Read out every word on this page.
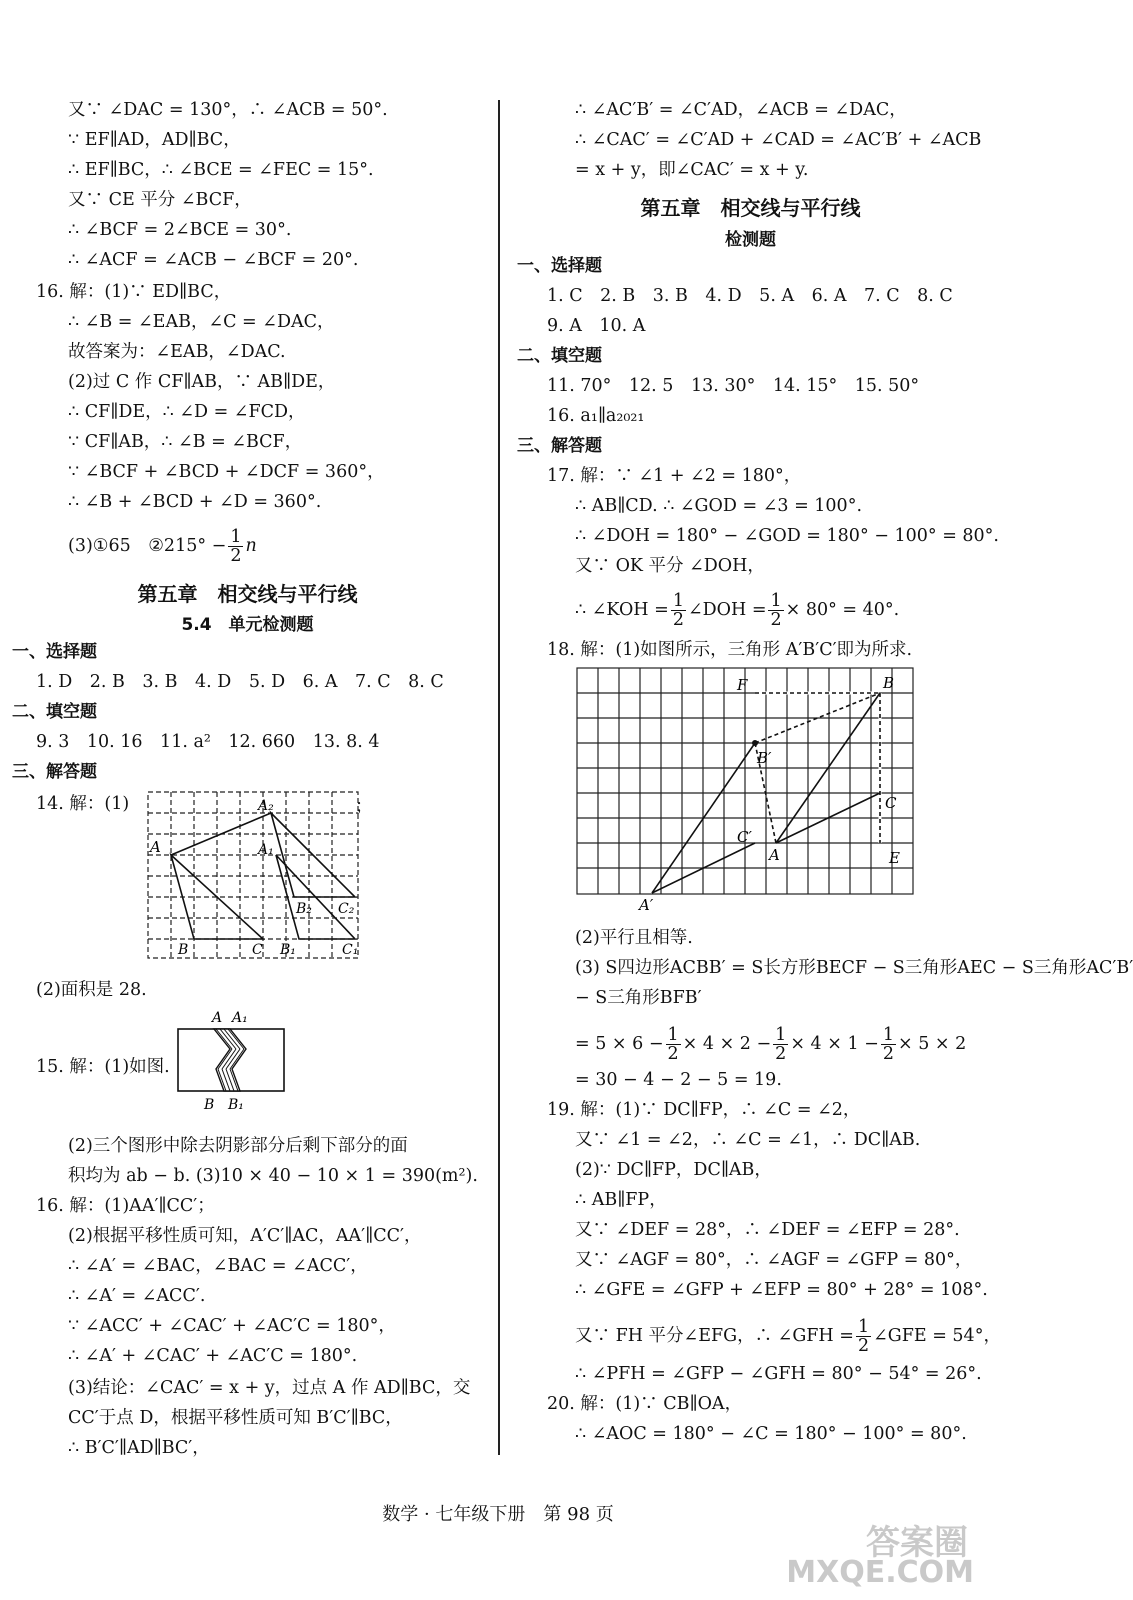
又∵ ∠DAC = 130°，∴ ∠ACB = 50°.
∵ EF∥AD，AD∥BC，
∴ EF∥BC，∴ ∠BCE = ∠FEC = 15°.
又∵ CE 平分 ∠BCF，
∴ ∠BCF = 2∠BCE = 30°.
∴ ∠ACF = ∠ACB − ∠BCF = 20°.
16. 解：(1)∵ ED∥BC，
∴ ∠B = ∠EAB，∠C = ∠DAC，
故答案为：∠EAB，∠DAC.
(2)过 C 作 CF∥AB，∵ AB∥DE，
∴ CF∥DE，∴ ∠D = ∠FCD，
∵ CF∥AB，∴ ∠B = ∠BCF，
∵ ∠BCF + ∠BCD + ∠DCF = 360°，
∴ ∠B + ∠BCD + ∠D = 360°.
(3)①65　②215° − $\frac{1}{2}$ n
第五章　相交线与平行线
5.4　单元检测题
一、选择题
1. D　2. B　3. B　4. D　5. D　6. A　7. C　8. C
二、填空题
9. 3　10. 16　11. a²　12. 660　13. 8. 4
三、解答题
14. 解：(1)	；
A
A₂
A₁
B	C B₁	C₁
B₂ C₂
(2)面积是 28.
A A₁
B B₁
15. 解：(1)如图.
(2)三个图形中除去阴影部分后剩下部分的面
积均为 ab − b. (3)10 × 40 − 10 × 1 = 390(m²).
16. 解：(1)AA′∥CC′；
(2)根据平移性质可知，A′C′∥AC，AA′∥CC′，
∴ ∠A′ = ∠BAC，∠BAC = ∠ACC′，
∴ ∠A′ = ∠ACC′.
∵ ∠ACC′ + ∠CAC′ + ∠AC′C = 180°，
∴ ∠A′ + ∠CAC′ + ∠AC′C = 180°.
(3)结论：∠CAC′ = x + y，过点 A 作 AD∥BC，交
CC′于点 D，根据平移性质可知 B′C′∥BC，
∴ B′C′∥AD∥BC′，
∴ ∠AC′B′ = ∠C′AD，∠ACB = ∠DAC，
∴ ∠CAC′ = ∠C′AD + ∠CAD = ∠AC′B′ + ∠ACB
= x + y，即∠CAC′ = x + y.
第五章　相交线与平行线
检测题
一、选择题
1. C　2. B　3. B　4. D　5. A　6. A　7. C　8. C
9. A　10. A
二、填空题
11. 70°　12. 5　13. 30°　14. 15°　15. 50°
16. a₁∥a₂₀₂₁
三、解答题
17. 解：∵ ∠1 + ∠2 = 180°，
∴ AB∥CD. ∴ ∠GOD = ∠3 = 100°.
∴ ∠DOH = 180° − ∠GOD = 180° − 100° = 80°.
又∵ OK 平分 ∠DOH，
∴ ∠KOH = $\frac{1}{2}$ ∠DOH = $\frac{1}{2} \times 80^\circ = 40^\circ$.
18. 解：(1)如图所示，三角形 A′B′C′即为所求.
F	B
B′
C
C′
A	E
A′
(2)平行且相等.
(3) S四边形ACBB′ = S长方形BECF − S三角形AEC − S三角形AC′B′
− S三角形BFB′
= $5 \times 6 - \frac{1}{2} \times 4 \times 2 - \frac{1}{2} \times 4 \times 1 - \frac{1}{2} \times 5 \times 2$
= 30 − 4 − 2 − 5 = 19.
19. 解：(1)∵ DC∥FP，∴ ∠C = ∠2，
又∵ ∠1 = ∠2，∴ ∠C = ∠1，∴ DC∥AB.
(2)∵ DC∥FP，DC∥AB，
∴ AB∥FP，
又∵ ∠DEF = 28°，∴ ∠DEF = ∠EFP = 28°.
又∵ ∠AGF = 80°，∴ ∠AGF = ∠GFP = 80°，
∴ ∠GFE = ∠GFP + ∠EFP = 80° + 28° = 108°.
又∵ FH 平分∠EFG，∴ ∠GFH = $\frac{1}{2}$ ∠GFE = 54°，
∴ ∠PFH = ∠GFP − ∠GFH = 80° − 54° = 26°.
20. 解：(1)∵ CB∥OA，
∴ ∠AOC = 180° − ∠C = 180° − 100° = 80°.
数学 · 七年级下册　第 98 页
答案圈
MXQE.COM
